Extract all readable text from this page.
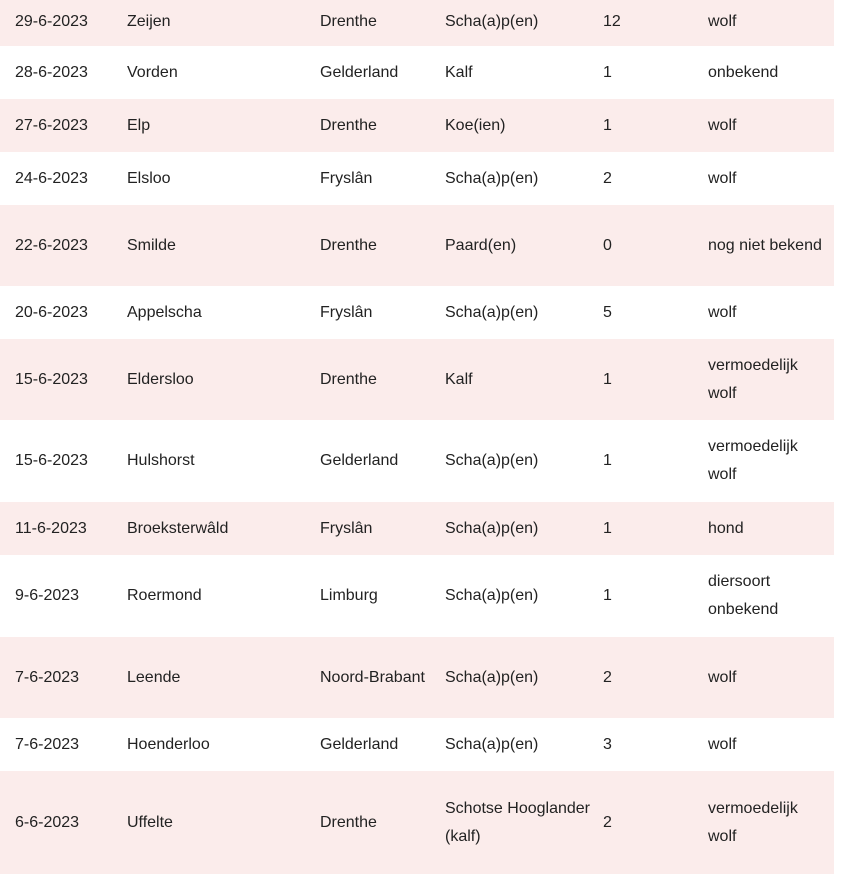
29-6-2023	Zeijen	Drenthe	Scha(a)p(en)	12	wolf
28-6-2023	Vorden	Gelderland	Kalf	1	onbekend
27-6-2023	Elp	Drenthe	Koe(ien)	1	wolf
24-6-2023	Elsloo	Fryslân	Scha(a)p(en)	2	wolf
22-6-2023	Smilde	Drenthe	Paard(en)	0	nog niet bekend
20-6-2023	Appelscha	Fryslân	Scha(a)p(en)	5	wolf
15-6-2023	Eldersloo	Drenthe	Kalf	1	vermoedelijk wolf
15-6-2023	Hulshorst	Gelderland	Scha(a)p(en)	1	vermoedelijk wolf
11-6-2023	Broeksterwâld	Fryslân	Scha(a)p(en)	1	hond
9-6-2023	Roermond	Limburg	Scha(a)p(en)	1	diersoort onbekend
7-6-2023	Leende	Noord-Brabant	Scha(a)p(en)	2	wolf
7-6-2023	Hoenderloo	Gelderland	Scha(a)p(en)	3	wolf
6-6-2023	Uffelte	Drenthe	Schotse Hooglander (kalf)	2	vermoedelijk wolf
